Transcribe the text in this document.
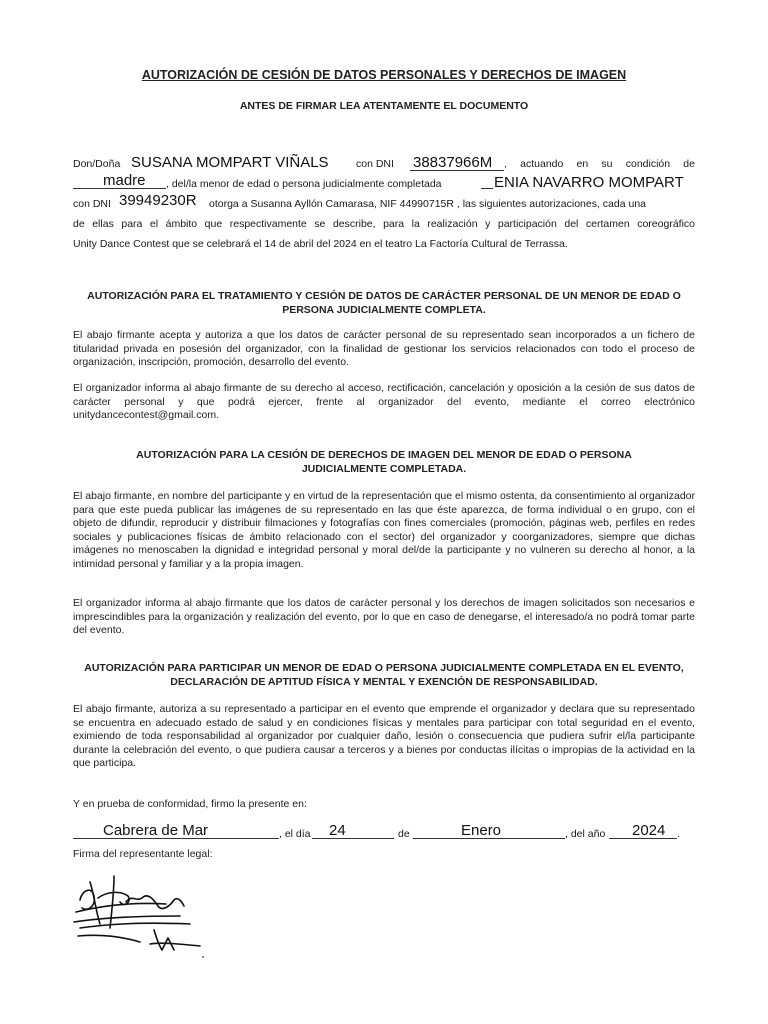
AUTORIZACIÓN DE CESIÓN DE DATOS PERSONALES Y DERECHOS DE IMAGEN
ANTES DE FIRMAR LEA ATENTAMENTE EL DOCUMENTO
Don/Doña	con DNI	, actuando en su condición de
SUSANA MOMPART VIÑALS	38837966M
, del/la menor de edad o persona judicialmente completada
madre	ENIA NAVARRO MOMPART
con DNI	otorga a Susanna Ayllón Camarasa, NIF 44990715R , las siguientes autorizaciones, cada una
39949230R
de ellas para el ámbito que respectivamente se describe, para la realización y participación del certamen coreográfico
Unity Dance Contest que se celebrará el 14 de abril del 2024 en el teatro La Factoría Cultural de Terrassa.
AUTORIZACIÓN PARA EL TRATAMIENTO Y CESIÓN DE DATOS DE CARÁCTER PERSONAL DE UN MENOR DE EDAD O PERSONA JUDICIALMENTE COMPLETA.
El abajo firmante acepta y autoriza a que los datos de carácter personal de su representado sean incorporados a un fichero de titularidad privada en posesión del organizador, con la finalidad de gestionar los servicios relacionados con todo el proceso de organización, inscripción, promoción, desarrollo del evento.
El organizador informa al abajo firmante de su derecho al acceso, rectificación, cancelación y oposición a la cesión de sus datos de carácter personal y que podrá ejercer, frente al organizador del evento, mediante el correo electrónico unitydancecontest@gmail.com.
AUTORIZACIÓN PARA LA CESIÓN DE DERECHOS DE IMAGEN DEL MENOR DE EDAD O PERSONA JUDICIALMENTE COMPLETADA.
El abajo firmante, en nombre del participante y en virtud de la representación que el mismo ostenta, da consentimiento al organizador para que este pueda publicar las imágenes de su representado en las que éste aparezca, de forma individual o en grupo, con el objeto de difundir, reproducir y distribuir filmaciones y fotografías con fines comerciales (promoción, páginas web, perfiles en redes sociales y publicaciones físicas de ámbito relacionado con el sector) del organizador y coorganizadores, siempre que dichas imágenes no menoscaben la dignidad e integridad personal y moral del/de la participante y no vulneren su derecho al honor, a la intimidad personal y familiar y a la propia imagen.
El organizador informa al abajo firmante que los datos de carácter personal y los derechos de imagen solicitados son necesarios e imprescindibles para la organización y realización del evento, por lo que en caso de denegarse, el interesado/a no podrá tomar parte del evento.
AUTORIZACIÓN PARA PARTICIPAR UN MENOR DE EDAD O PERSONA JUDICIALMENTE COMPLETADA EN EL EVENTO, DECLARACIÓN DE APTITUD FÍSICA Y MENTAL Y EXENCIÓN DE RESPONSABILIDAD.
El abajo firmante, autoriza a su representado a participar en el evento que emprende el organizador y declara que su representado se encuentra en adecuado estado de salud y en condiciones físicas y mentales para participar con total seguridad en el evento, eximiendo de toda responsabilidad al organizador por cualquier daño, lesión o consecuencia que pudiera sufrir el/la participante durante la celebración del evento, o que pudiera causar a terceros y a bienes por conductas ilícitas o impropias de la actividad en la que participa.
Y en prueba de conformidad, firmo la presente en:
, el día	de	, del año	.
Cabrera de Mar	24	Enero	2024
Firma del representante legal:
